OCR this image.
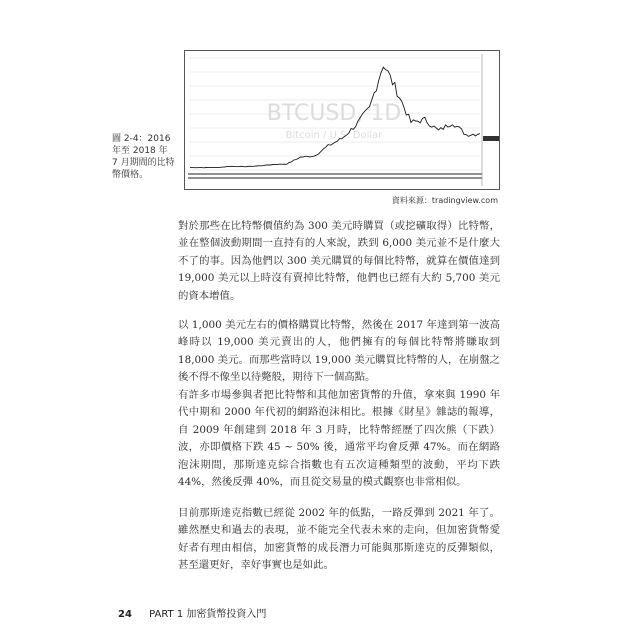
圖 2-4：2016 年至 2018 年 7 月期間的比特幣價格。
BTCUSD, 1D
Bitcoin / U.S. Dollar
資料來源：tradingview.com

對於那些在比特幣價值約為 300 美元時購買（或挖礦取得）比特幣，並在整個波動期間一直持有的人來說，跌到 6,000 美元並不是什麼大不了的事。因為他們以 300 美元購買的每個比特幣，就算在價值達到 19,000 美元以上時沒有賣掉比特幣，他們也已經有大約 5,700 美元的資本增值。

以 1,000 美元左右的價格購買比特幣，然後在 2017 年達到第一波高峰時以 19,000 美元賣出的人，他們擁有的每個比特幣將賺取到 18,000 美元。而那些當時以 19,000 美元購買比特幣的人，在崩盤之後不得不像坐以待斃般，期待下一個高點。

有許多市場參與者把比特幣和其他加密貨幣的升值，拿來與 1990 年代中期和 2000 年代初的網路泡沫相比。根據《財星》雜誌的報導，自 2009 年創建到 2018 年 3 月時，比特幣經歷了四次熊（下跌）波，亦即價格下跌 45 ~ 50% 後，通常平均會反彈 47%。而在網路泡沫期間，那斯達克綜合指數也有五次這種類型的波動，平均下跌 44%，然後反彈 40%，而且從交易量的模式觀察也非常相似。

目前那斯達克指數已經從 2002 年的低點，一路反彈到 2021 年了。雖然歷史和過去的表現，並不能完全代表未來的走向，但加密貨幣愛好者有理由相信，加密貨幣的成長潛力可能與那斯達克的反彈類似，甚至還更好，幸好事實也是如此。

24 PART 1 加密貨幣投資入門
